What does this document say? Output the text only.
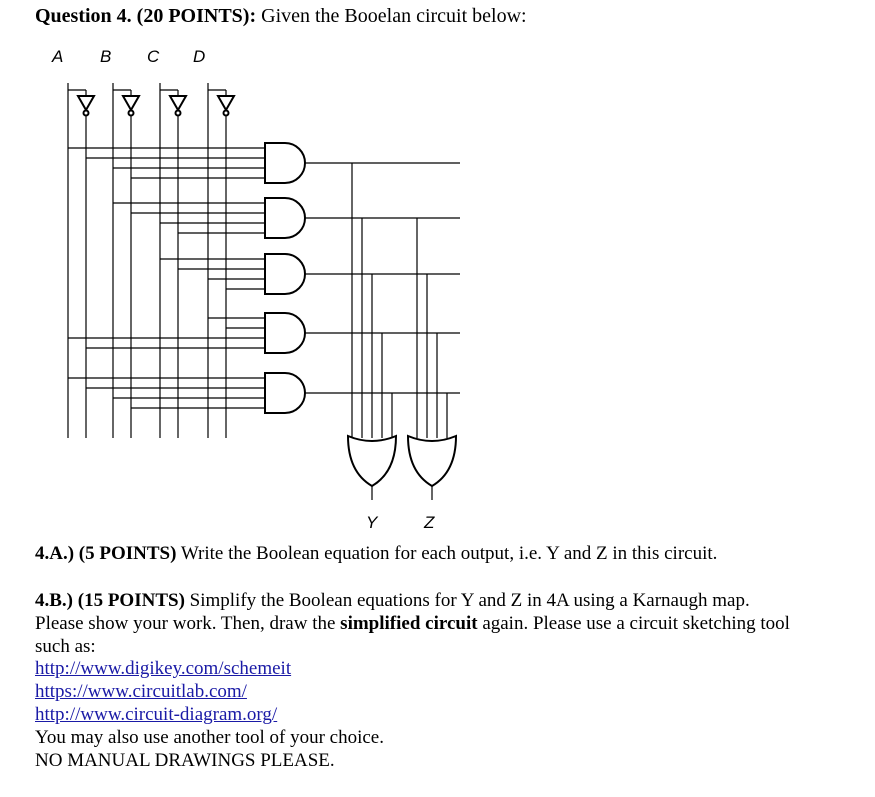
Question 4. (20 POINTS): Given the Booelan circuit below:
A B C D
Y	Z
4.A.) (5 POINTS) Write the Boolean equation for each output, i.e. Y and Z in this circuit.
4.B.) (15 POINTS) Simplify the Boolean equations for Y and Z in 4A using a Karnaugh map.
Please show your work. Then, draw the simplified circuit again. Please use a circuit sketching tool
such as:
http://www.digikey.com/schemeit
https://www.circuitlab.com/
http://www.circuit-diagram.org/
You may also use another tool of your choice.
NO MANUAL DRAWINGS PLEASE.
